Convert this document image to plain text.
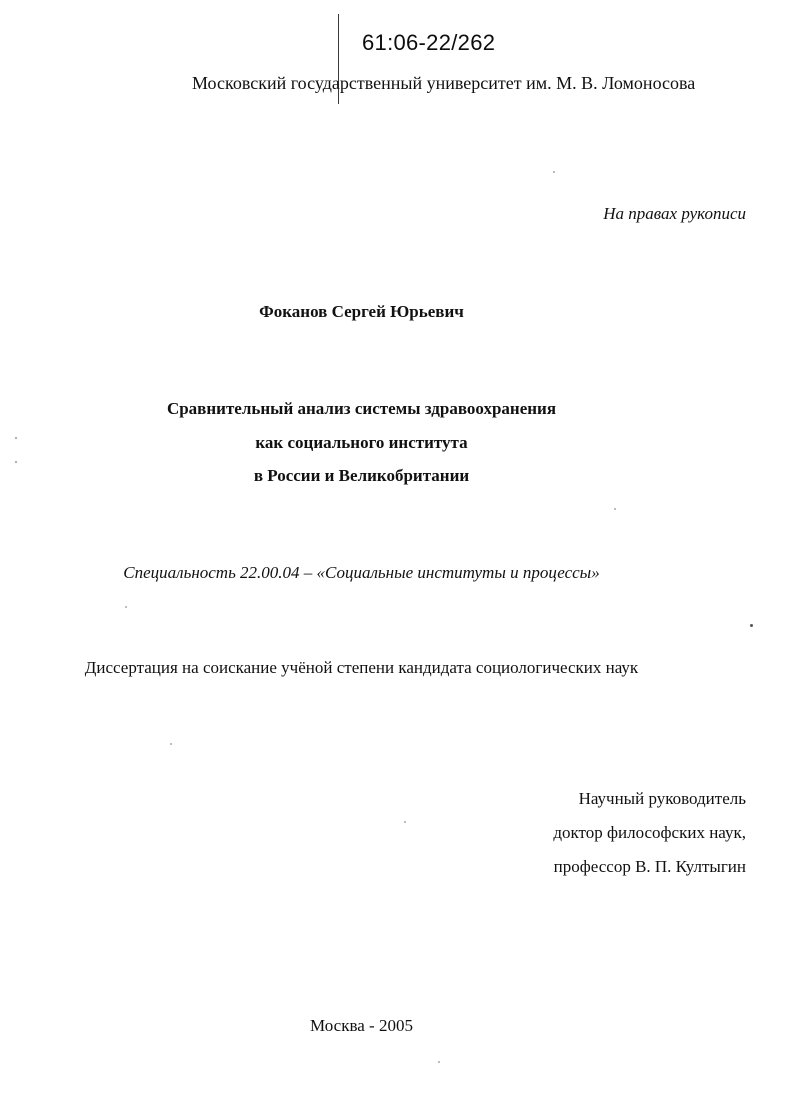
61:06-22/262
Московский государственный университет им. М. В. Ломоносова
На правах рукописи
Фоканов Сергей Юрьевич
Сравнительный анализ системы здравоохранения
как социального института
в России и Великобритании
Специальность 22.00.04 – «Социальные институты и процессы»
Диссертация на соискание учёной степени кандидата социологических наук
Научный руководитель
доктор философских наук,
профессор В. П. Култыгин
Москва - 2005
